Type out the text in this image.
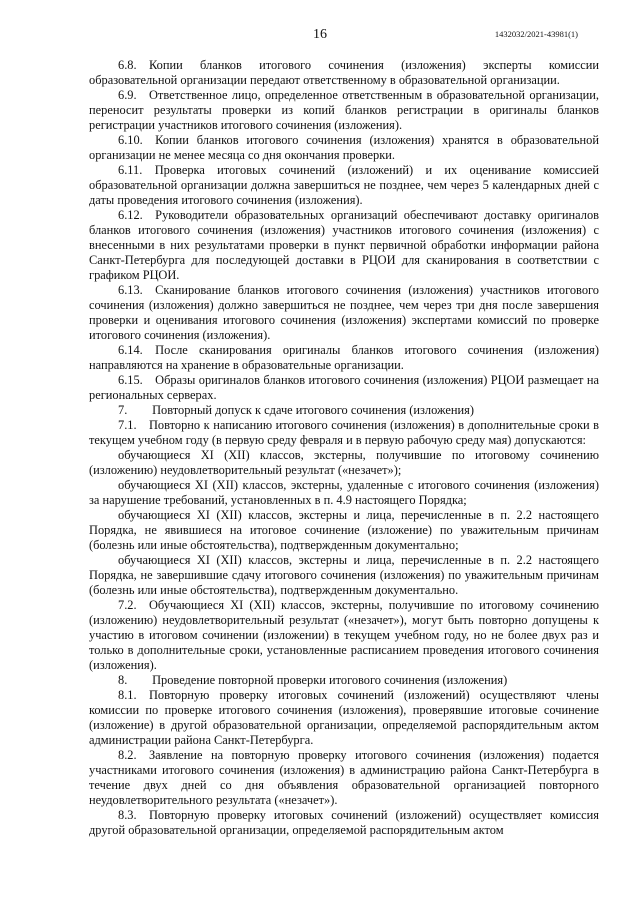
16	1432032/2021-43981(1)

6.8. Копии бланков итогового сочинения (изложения) эксперты комиссии образовательной организации передают ответственному в образовательной организации.

6.9. Ответственное лицо, определенное ответственным в образовательной организации, переносит результаты проверки из копий бланков регистрации в оригиналы бланков регистрации участников итогового сочинения (изложения).

6.10. Копии бланков итогового сочинения (изложения) хранятся в образовательной организации не менее месяца со дня окончания проверки.

6.11. Проверка итоговых сочинений (изложений) и их оценивание комиссией образовательной организации должна завершиться не позднее, чем через 5 календарных дней с даты проведения итогового сочинения (изложения).

6.12. Руководители образовательных организаций обеспечивают доставку оригиналов бланков итогового сочинения (изложения) участников итогового сочинения (изложения) с внесенными в них результатами проверки в пункт первичной обработки информации района Санкт-Петербурга для последующей доставки в РЦОИ для сканирования в соответствии с графиком РЦОИ.

6.13. Сканирование бланков итогового сочинения (изложения) участников итогового сочинения (изложения) должно завершиться не позднее, чем через три дня после завершения проверки и оценивания итогового сочинения (изложения) экспертами комиссий по проверке итогового сочинения (изложения).

6.14. После сканирования оригиналы бланков итогового сочинения (изложения) направляются на хранение в образовательные организации.

6.15. Образы оригиналов бланков итогового сочинения (изложения) РЦОИ размещает на региональных серверах.

7.  Повторный допуск к сдаче итогового сочинения (изложения)

7.1. Повторно к написанию итогового сочинения (изложения) в дополнительные сроки в текущем учебном году (в первую среду февраля и в первую рабочую среду мая) допускаются:

обучающиеся XI (XII) классов, экстерны, получившие по итоговому сочинению (изложению) неудовлетворительный результат («незачет»);

обучающиеся XI (XII) классов, экстерны, удаленные с итогового сочинения (изложения) за нарушение требований, установленных в п. 4.9 настоящего Порядка;

обучающиеся XI (XII) классов, экстерны и лица, перечисленные в п. 2.2 настоящего Порядка, не явившиеся на итоговое сочинение (изложение) по уважительным причинам (болезнь или иные обстоятельства), подтвержденным документально;

обучающиеся XI (XII) классов, экстерны и лица, перечисленные в п. 2.2 настоящего Порядка, не завершившие сдачу итогового сочинения (изложения) по уважительным причинам (болезнь или иные обстоятельства), подтвержденным документально.

7.2. Обучающиеся XI (XII) классов, экстерны, получившие по итоговому сочинению (изложению) неудовлетворительный результат («незачет»), могут быть повторно допущены к участию в итоговом сочинении (изложении) в текущем учебном году, но не более двух раз и только в дополнительные сроки, установленные расписанием проведения итогового сочинения (изложения).

8.  Проведение повторной проверки итогового сочинения (изложения)

8.1. Повторную проверку итоговых сочинений (изложений) осуществляют члены комиссии по проверке итогового сочинения (изложения), проверявшие итоговые сочинение (изложение) в другой образовательной организации, определяемой распорядительным актом администрации района Санкт-Петербурга.

8.2. Заявление на повторную проверку итогового сочинения (изложения) подается участниками итогового сочинения (изложения) в администрацию района Санкт-Петербурга в течение двух дней со дня объявления образовательной организацией повторного неудовлетворительного результата («незачет»).

8.3. Повторную проверку итоговых сочинений (изложений) осуществляет комиссия другой образовательной организации, определяемой распорядительным актом
